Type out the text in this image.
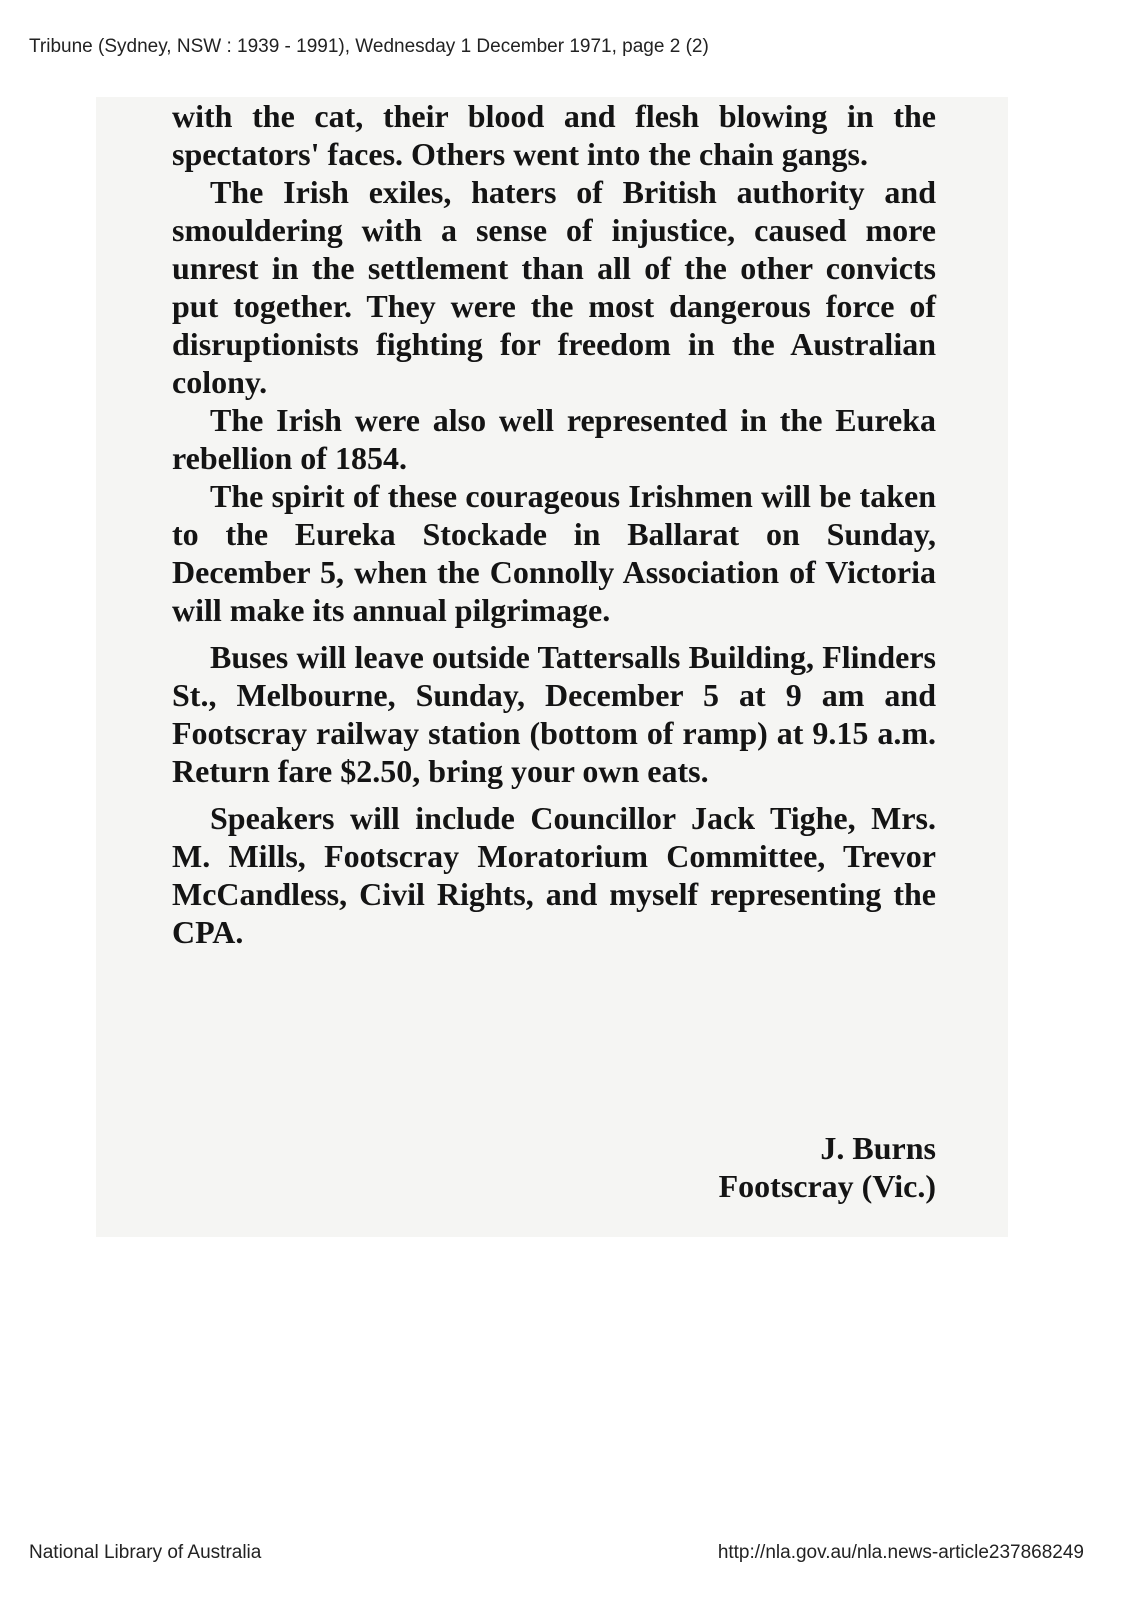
Tribune (Sydney, NSW : 1939 - 1991), Wednesday 1 December 1971, page 2 (2)

with the cat, their blood and flesh blowing in the spectators' faces. Others went into the chain gangs.

The Irish exiles, haters of British authority and smouldering with a sense of injustice, caused more unrest in the settlement than all of the other convicts put together. They were the most dangerous force of disruptionists fighting for freedom in the Australian colony.

The Irish were also well represented in the Eureka rebellion of 1854.

The spirit of these courageous Irishmen will be taken to the Eureka Stockade in Ballarat on Sunday, December 5, when the Connolly Association of Victoria will make its annual pilgrimage.

Buses will leave outside Tattersalls Building, Flinders St., Melbourne, Sunday, December 5 at 9 am and Footscray railway station (bottom of ramp) at 9.15 a.m. Return fare $2.50, bring your own eats.

Speakers will include Councillor Jack Tighe, Mrs. M. Mills, Footscray Moratorium Committee, Trevor McCandless, Civil Rights, and myself representing the CPA.

J. Burns
Footscray (Vic.)
National Library of Australia	http://nla.gov.au/nla.news-article237868249
